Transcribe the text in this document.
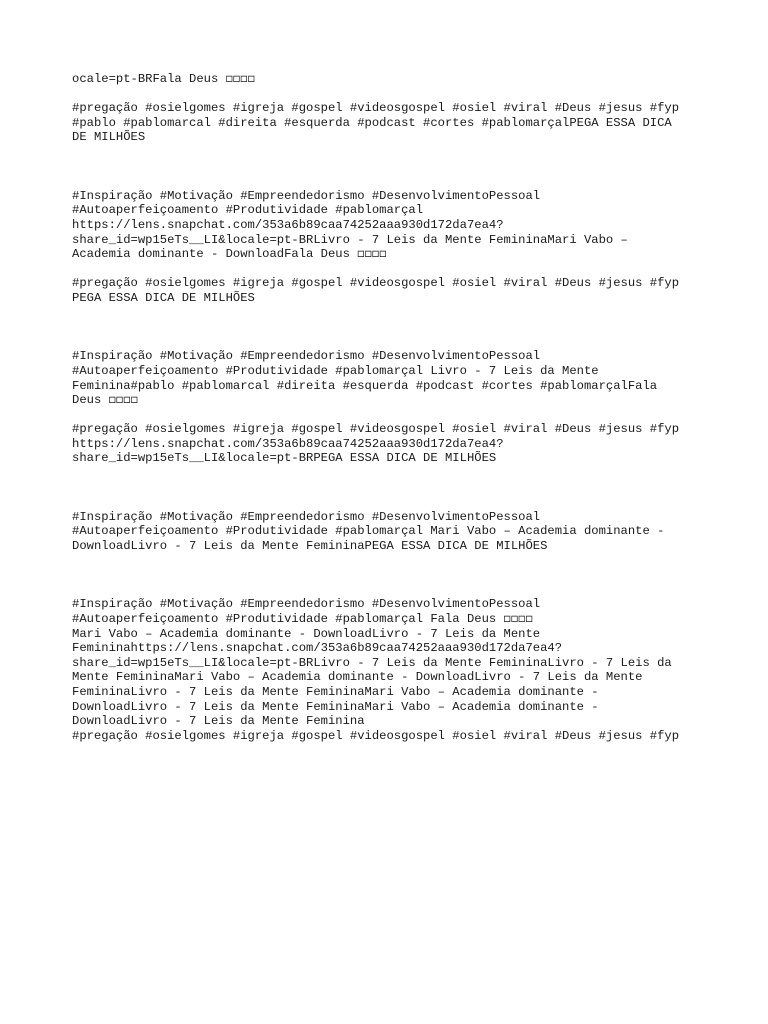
ocale=pt-BRFala Deus ◻◻◻◻

#pregação #osielgomes #igreja #gospel #videosgospel #osiel #viral #Deus #jesus #fyp
#pablo #pablomarcal #direita #esquerda #podcast #cortes #pablomarçalPEGA ESSA DICA
DE MILHÕES

#Inspiração #Motivação #Empreendedorismo #DesenvolvimentoPessoal
#Autoaperfeiçoamento #Produtividade #pablomarçal
https://lens.snapchat.com/353a6b89caa74252aaa930d172da7ea4?
share_id=wp15eTs__LI&locale=pt-BRLivro - 7 Leis da Mente FemininaMari Vabo –
Academia dominante - DownloadFala Deus ◻◻◻◻

#pregação #osielgomes #igreja #gospel #videosgospel #osiel #viral #Deus #jesus #fyp
PEGA ESSA DICA DE MILHÕES

#Inspiração #Motivação #Empreendedorismo #DesenvolvimentoPessoal
#Autoaperfeiçoamento #Produtividade #pablomarçal Livro - 7 Leis da Mente
Feminina#pablo #pablomarcal #direita #esquerda #podcast #cortes #pablomarçalFala
Deus ◻◻◻◻

#pregação #osielgomes #igreja #gospel #videosgospel #osiel #viral #Deus #jesus #fyp
https://lens.snapchat.com/353a6b89caa74252aaa930d172da7ea4?
share_id=wp15eTs__LI&locale=pt-BRPEGA ESSA DICA DE MILHÕES

#Inspiração #Motivação #Empreendedorismo #DesenvolvimentoPessoal
#Autoaperfeiçoamento #Produtividade #pablomarçal Mari Vabo – Academia dominante -
DownloadLivro - 7 Leis da Mente FemininaPEGA ESSA DICA DE MILHÕES

#Inspiração #Motivação #Empreendedorismo #DesenvolvimentoPessoal
#Autoaperfeiçoamento #Produtividade #pablomarçal Fala Deus ◻◻◻◻
Mari Vabo – Academia dominante - DownloadLivro - 7 Leis da Mente
Femininahttps://lens.snapchat.com/353a6b89caa74252aaa930d172da7ea4?
share_id=wp15eTs__LI&locale=pt-BRLivro - 7 Leis da Mente FemininaLivro - 7 Leis da
Mente FemininaMari Vabo – Academia dominante - DownloadLivro - 7 Leis da Mente
FemininaLivro - 7 Leis da Mente FemininaMari Vabo – Academia dominante -
DownloadLivro - 7 Leis da Mente FemininaMari Vabo – Academia dominante -
DownloadLivro - 7 Leis da Mente Feminina
#pregação #osielgomes #igreja #gospel #videosgospel #osiel #viral #Deus #jesus #fyp
